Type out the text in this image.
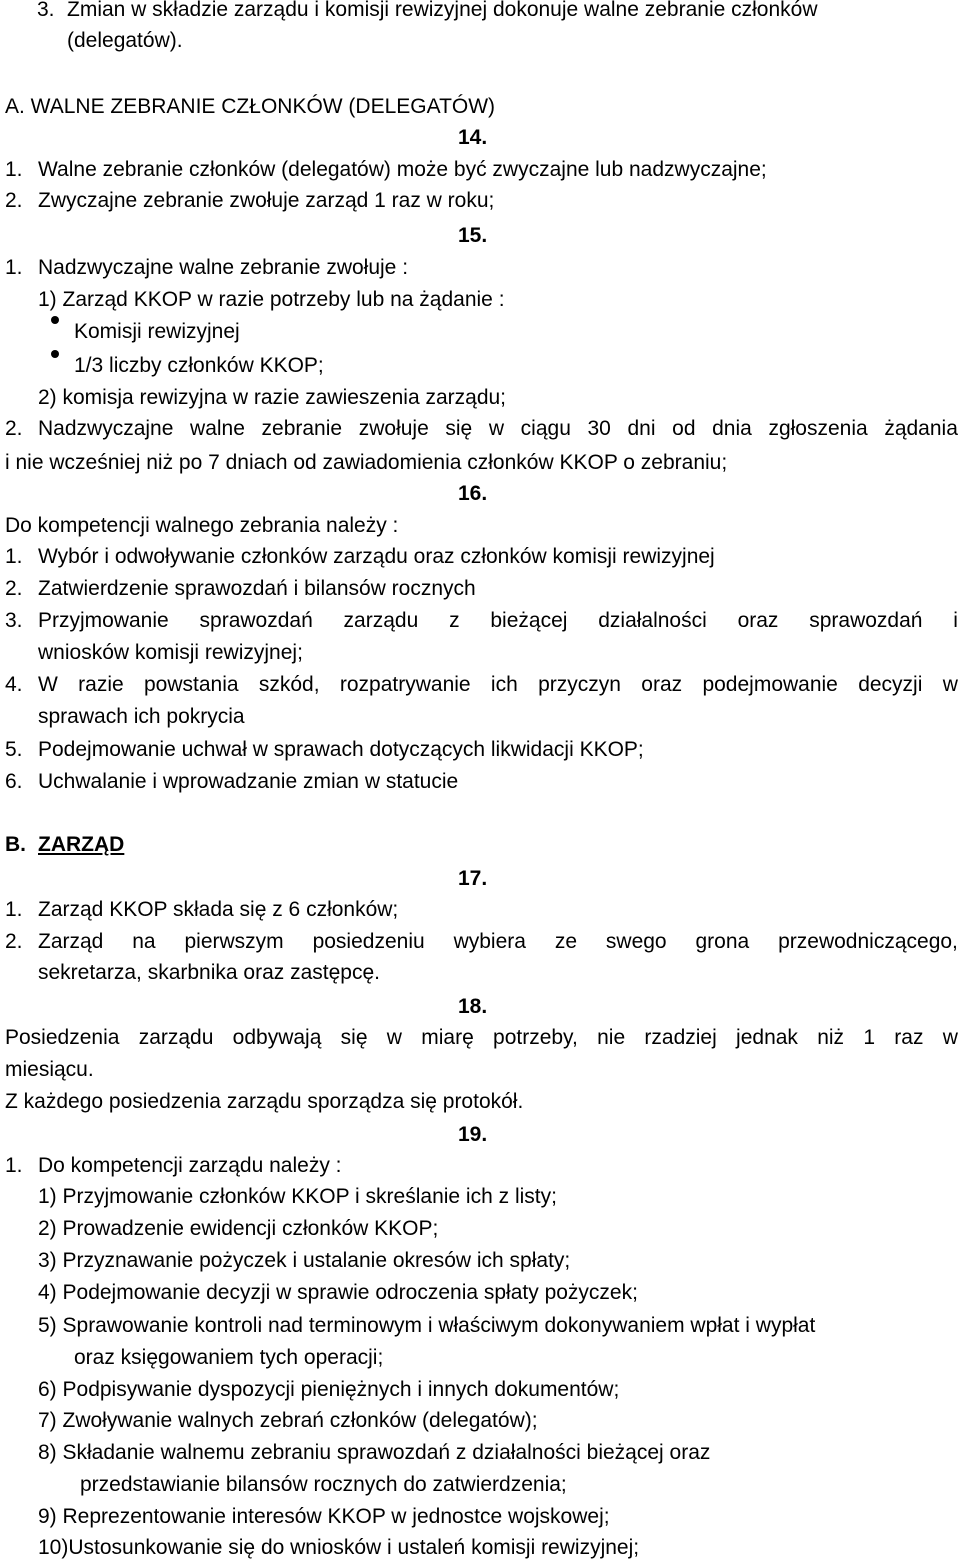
3. Zmian w składzie zarządu i komisji rewizyjnej dokonuje walne zebranie członków
(delegatów).
A. WALNE ZEBRANIE CZŁONKÓW (DELEGATÓW)
14.
1. Walne zebranie członków (delegatów) może być zwyczajne lub nadzwyczajne;
2. Zwyczajne zebranie zwołuje zarząd 1 raz w roku;
15.
1. Nadzwyczajne walne zebranie zwołuje :
1) Zarząd KKOP w razie potrzeby lub na żądanie :
Komisji rewizyjnej
1/3 liczby członków KKOP;
2) komisja rewizyjna w razie zawieszenia zarządu;
2. Nadzwyczajne walne zebranie zwołuje się w ciągu 30 dni od dnia zgłoszenia żądania
i nie wcześniej niż po 7 dniach od zawiadomienia członków KKOP o zebraniu;
16.
Do kompetencji walnego zebrania należy :
1. Wybór i odwoływanie członków zarządu oraz członków komisji rewizyjnej
2. Zatwierdzenie sprawozdań i bilansów rocznych
3. Przyjmowanie sprawozdań zarządu z bieżącej działalności oraz sprawozdań i
wniosków komisji rewizyjnej;
4. W razie powstania szkód, rozpatrywanie ich przyczyn oraz podejmowanie decyzji w
sprawach ich pokrycia
5. Podejmowanie uchwał w sprawach dotyczących likwidacji KKOP;
6. Uchwalanie i wprowadzanie zmian w statucie
B. ZARZĄD
17.
1. Zarząd KKOP składa się z 6 członków;
2. Zarząd na pierwszym posiedzeniu wybiera ze swego grona przewodniczącego,
sekretarza, skarbnika oraz zastępcę.
18.
Posiedzenia zarządu odbywają się w miarę potrzeby, nie rzadziej jednak niż 1 raz w
miesiącu.
Z każdego posiedzenia zarządu sporządza się protokół.
19.
1. Do kompetencji zarządu należy :
1) Przyjmowanie członków KKOP i skreślanie ich z listy;
2) Prowadzenie ewidencji członków KKOP;
3) Przyznawanie pożyczek i ustalanie okresów ich spłaty;
4) Podejmowanie decyzji w sprawie odroczenia spłaty pożyczek;
5) Sprawowanie kontroli nad terminowym i właściwym dokonywaniem wpłat i wypłat
oraz księgowaniem tych operacji;
6) Podpisywanie dyspozycji pieniężnych i innych dokumentów;
7) Zwoływanie walnych zebrań członków (delegatów);
8) Składanie walnemu zebraniu sprawozdań z działalności bieżącej oraz
przedstawianie bilansów rocznych do zatwierdzenia;
9) Reprezentowanie interesów KKOP w jednostce wojskowej;
10)Ustosunkowanie się do wniosków i ustaleń komisji rewizyjnej;
